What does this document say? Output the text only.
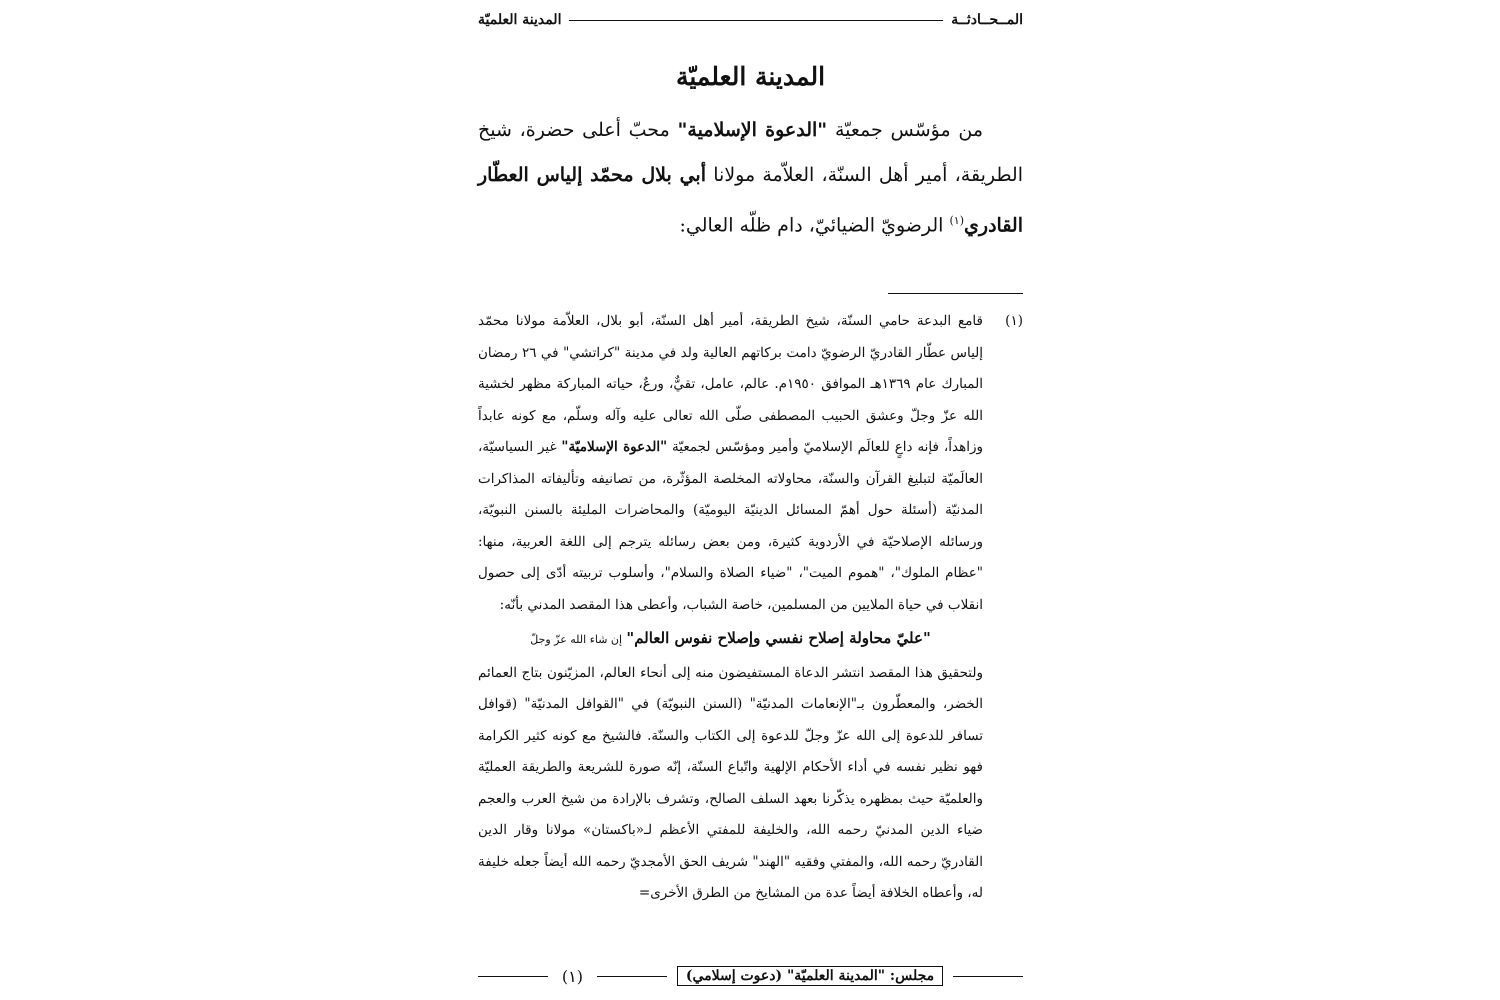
المــحــادثــة
المدينة العلميّة
المدينة العلميّة
من مؤسّس جمعيّة "الدعوة الإسلامية" محبّ أعلى حضرة، شيخ الطريقة، أمير أهل السنّة، العلاّمة مولانا أبي بلال محمّد إلياس العطّار القادري$^{(١)}$ الرضويّ الضيائيّ، دام ظلّه العالي:
(١)

قامع البدعة حامي السنّة، شيخ الطريقة، أمير أهل السنّة، أبو بلال، العلاّمة مولانا محمّد إلياس عطّار القادريّ الرضويّ دامت بركاتهم العالية ولد في مدينة "كراتشي" في ٢٦ رمضان المبارك عام ١٣٦٩هـ الموافق ١٩٥٠م. عالم، عامل، تقيٌّ، ورعٌ، حياته المباركة مظهر لخشية الله عزّ وجلّ وعشق الحبيب المصطفى صلّى الله تعالى عليه وآله وسلّم، مع كونه عابداً وزاهداً، فإنه داعٍ للعالَم الإسلاميّ وأمير ومؤسّس لجمعيّة "الدعوة الإسلاميّة" غير السياسيّة، العالَميّة لتبليغ القرآن والسنّة، محاولاته المخلصة المؤثّرة، من تصانيفه وتأليفاته المذاكرات المدنيّة (أسئلة حول أهمّ المسائل الدينيّة اليوميّة) والمحاضرات المليئة بالسنن النبويّة، ورسائله الإصلاحيّة في الأردوية كثيرة، ومن بعض رسائله يترجم إلى اللغة العربية، منها: "عظام الملوك"، "هموم الميت"، "ضياء الصلاة والسلام"، وأسلوب تربيته أدّى إلى حصول انقلاب في حياة الملايين من المسلمين، خاصة الشباب، وأعطى هذا المقصد المدني بأنّه:

"عليّ محاولة إصلاح نفسي وإصلاح نفوس العالم" إن شاء الله عزّ وجلّ

ولتحقيق هذا المقصد انتشر الدعاة المستفيضون منه إلى أنحاء العالم، المزيّنون بتاج العمائم الخضر، والمعطّرون بـ"الإنعامات المدنيّة" (السنن النبويّة) في "القوافل المدنيّة" (قوافل تسافر للدعوة إلى الله عزّ وجلّ للدعوة إلى الكتاب والسنّة. فالشيخ مع كونه كثير الكرامة فهو نظير نفسه في أداء الأحكام الإلهية واتّباع السنّة، إنّه صورة للشريعة والطريقة العمليّة والعلميّة حيث بمظهره يذكّرنا بعهد السلف الصالح، وتشرف بالإرادة من شيخ العرب والعجم ضياء الدين المدنيّ رحمه الله، والخليفة للمفتي الأعظم لـ«باكستان» مولانا وقار الدين القادريّ رحمه الله، والمفتي وفقيه "الهند" شريف الحق الأمجديّ رحمه الله أيضاً جعله خليفة له، وأعطاه الخلافة أيضاً عدة من المشايخ من الطرق الأخرى=

مجلس: "المدينة العلميّة" (دعوت إسلامي)
(١)
